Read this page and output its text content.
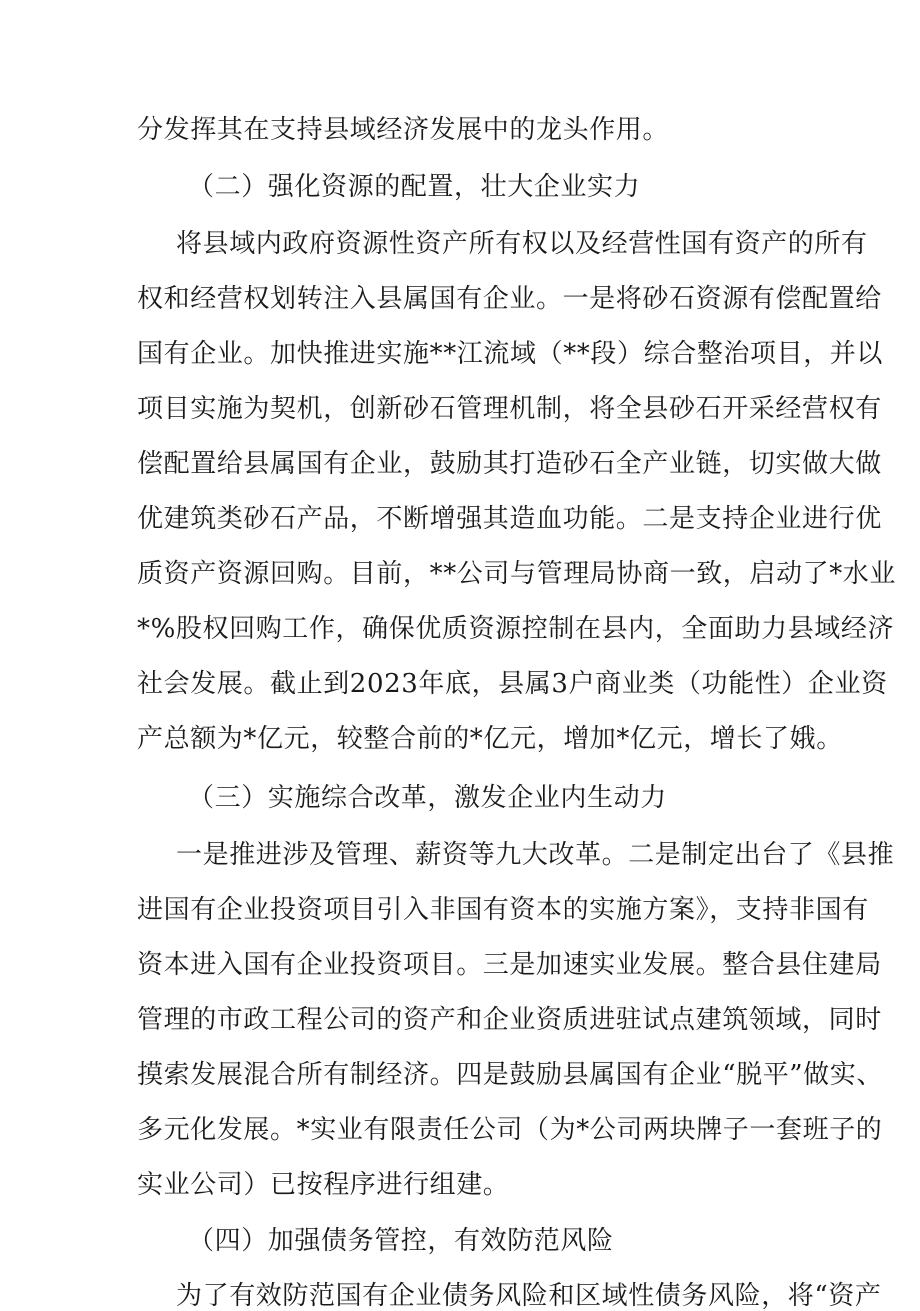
分发挥其在支持县域经济发展中的龙头作用。
（二）强化资源的配置，壮大企业实力
将县域内政府资源性资产所有权以及经营性国有资产的所有
权和经营权划转注入县属国有企业。一是将砂石资源有偿配置给
国有企业。加快推进实施**江流域（**段）综合整治项目，并以
项目实施为契机，创新砂石管理机制，将全县砂石开采经营权有
偿配置给县属国有企业，鼓励其打造砂石全产业链，切实做大做
优建筑类砂石产品，不断增强其造血功能。二是支持企业进行优
质资产资源回购。目前，**公司与管理局协商一致，启动了*水业
*%股权回购工作，确保优质资源控制在县内，全面助力县域经济
社会发展。截止到2023年底，县属3户商业类（功能性）企业资
产总额为*亿元，较整合前的*亿元，增加*亿元，增长了娥。
（三）实施综合改革，激发企业内生动力
一是推进涉及管理、薪资等九大改革。二是制定出台了《县推
进国有企业投资项目引入非国有资本的实施方案》，支持非国有
资本进入国有企业投资项目。三是加速实业发展。整合县住建局
管理的市政工程公司的资产和企业资质进驻试点建筑领域，同时
摸索发展混合所有制经济。四是鼓励县属国有企业“脱平”做实、
多元化发展。*实业有限责任公司（为*公司两块牌子一套班子的
实业公司）已按程序进行组建。
（四）加强债务管控，有效防范风险
为了有效防范国有企业债务风险和区域性债务风险，将“资产
